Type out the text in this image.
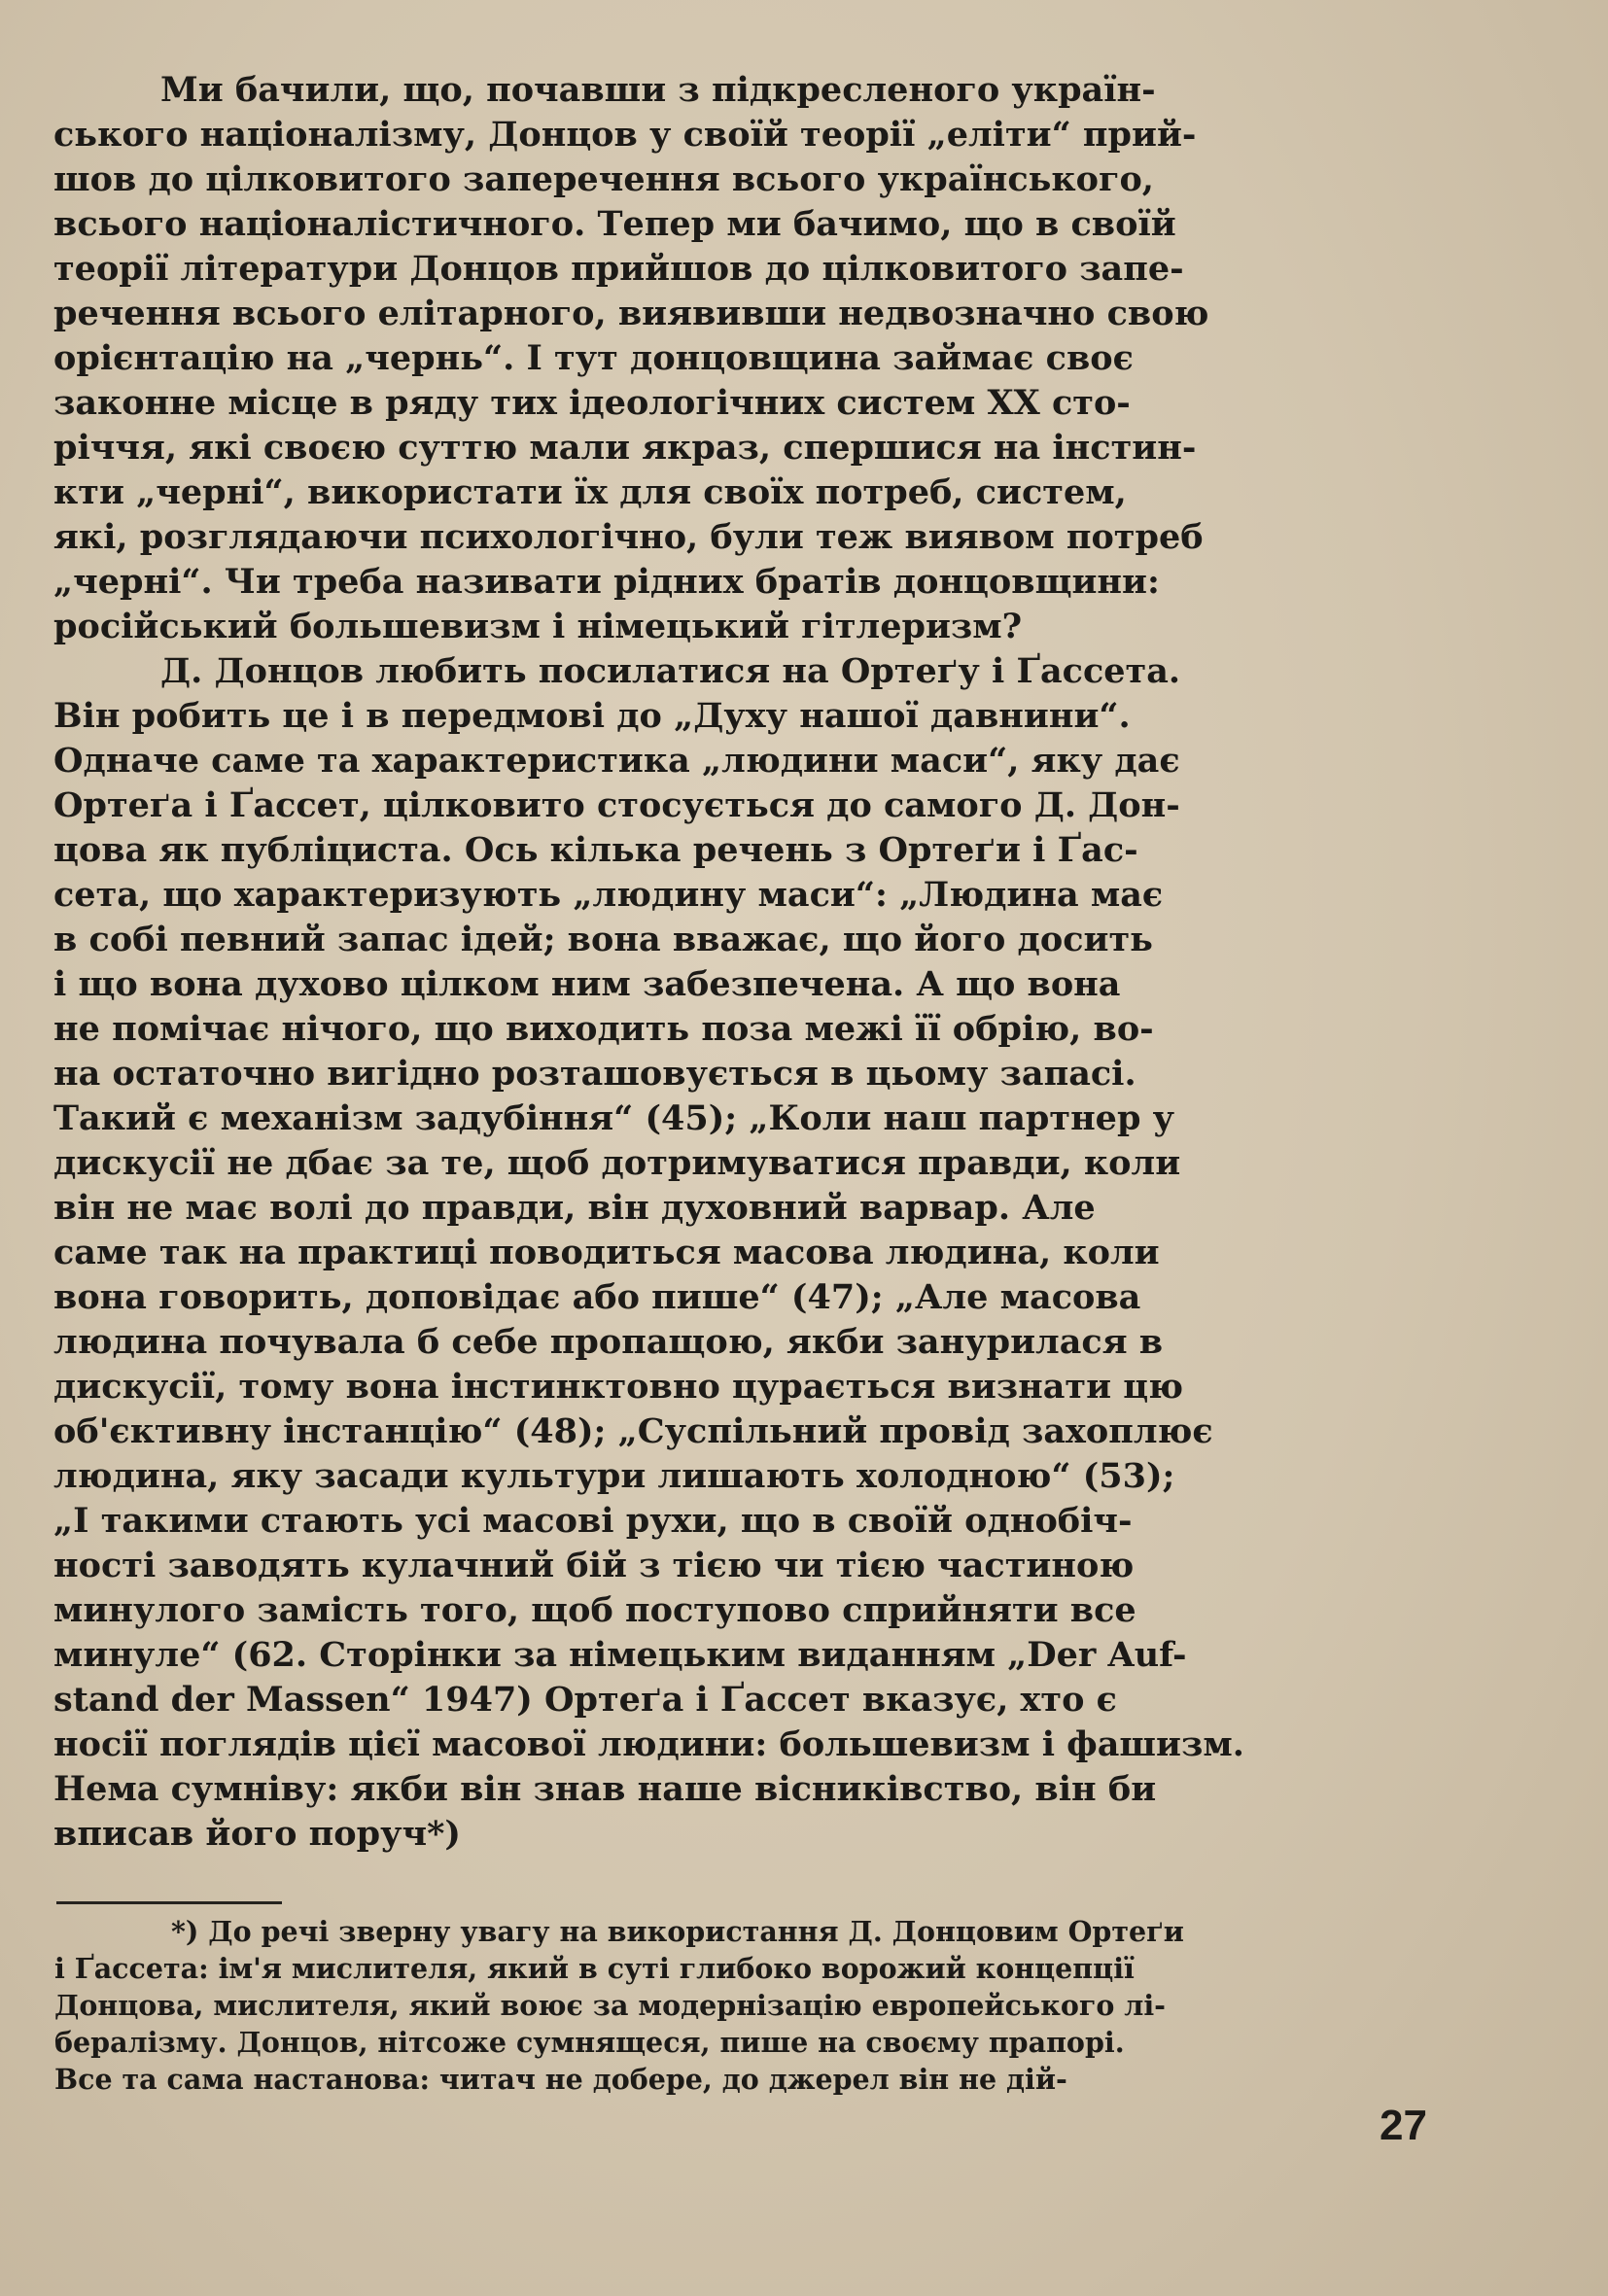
Ми бачили, що, почавши з підкресленого україн-
ського націоналізму, Донцов у своїй теорії „еліти“ прий-
шов до цілковитого заперечення всього українського,
всього націоналістичного. Тепер ми бачимо, що в своїй
теорії літератури Донцов прийшов до цілковитого запе-
речення всього елітарного, виявивши недвозначно свою
орієнтацію на „чернь“. І тут донцовщина займає своє
законне місце в ряду тих ідеологічних систем XX сто-
річчя, які своєю суттю мали якраз, спершися на інстин-
кти „черні“, використати їх для своїх потреб, систем,
які, розглядаючи психологічно, були теж виявом потреб
„черні“. Чи треба називати рідних братів донцовщини:
російський большевизм і німецький гітлеризм?
Д. Донцов любить посилатися на Ортеґу і Ґассета.
Він робить це і в передмові до „Духу нашої давнини“.
Одначе саме та характеристика „людини маси“, яку дає
Ортеґа і Ґассет, цілковито стосується до самого Д. Дон-
цова як публіциста. Ось кілька речень з Ортеґи і Ґас-
сета, що характеризують „людину маси“: „Людина має
в собі певний запас ідей; вона вважає, що його досить
і що вона духово цілком ним забезпечена. А що вона
не помічає нічого, що виходить поза межі її обрію, во-
на остаточно вигідно розташовується в цьому запасі.
Такий є механізм задубіння“ (45); „Коли наш партнер у
дискусії не дбає за те, щоб дотримуватися правди, коли
він не має волі до правди, він духовний варвар. Але
саме так на практиці поводиться масова людина, коли
вона говорить, доповідає або пише“ (47); „Але масова
людина почувала б себе пропащою, якби занурилася в
дискусії, тому вона інстинктовно цурається визнати цю
об'єктивну інстанцію“ (48); „Суспільний провід захоплює
людина, яку засади культури лишають холодною“ (53);
„І такими стають усі масові рухи, що в своїй однобіч-
ності заводять кулачний бій з тією чи тією частиною
минулого замість того, щоб поступово сприйняти все
минуле“ (62. Сторінки за німецьким виданням „Der Auf-
stand der Massen“ 1947) Ортеґа і Ґассет вказує, хто є
носії поглядів цієї масової людини: большевизм і фашизм.
Нема сумніву: якби він знав наше вісниківство, він би
вписав його поруч*)
*) До речі зверну увагу на використання Д. Донцовим Ортеґи
і Ґассета: ім'я мислителя, який в суті глибоко ворожий концепції
Донцова, мислителя, який воює за модернізацію европейського лі-
бералізму. Донцов, нітсоже сумнящеся, пише на своєму прапорі.
Все та сама настанова: читач не доберe, до джерел він не дій-
27
